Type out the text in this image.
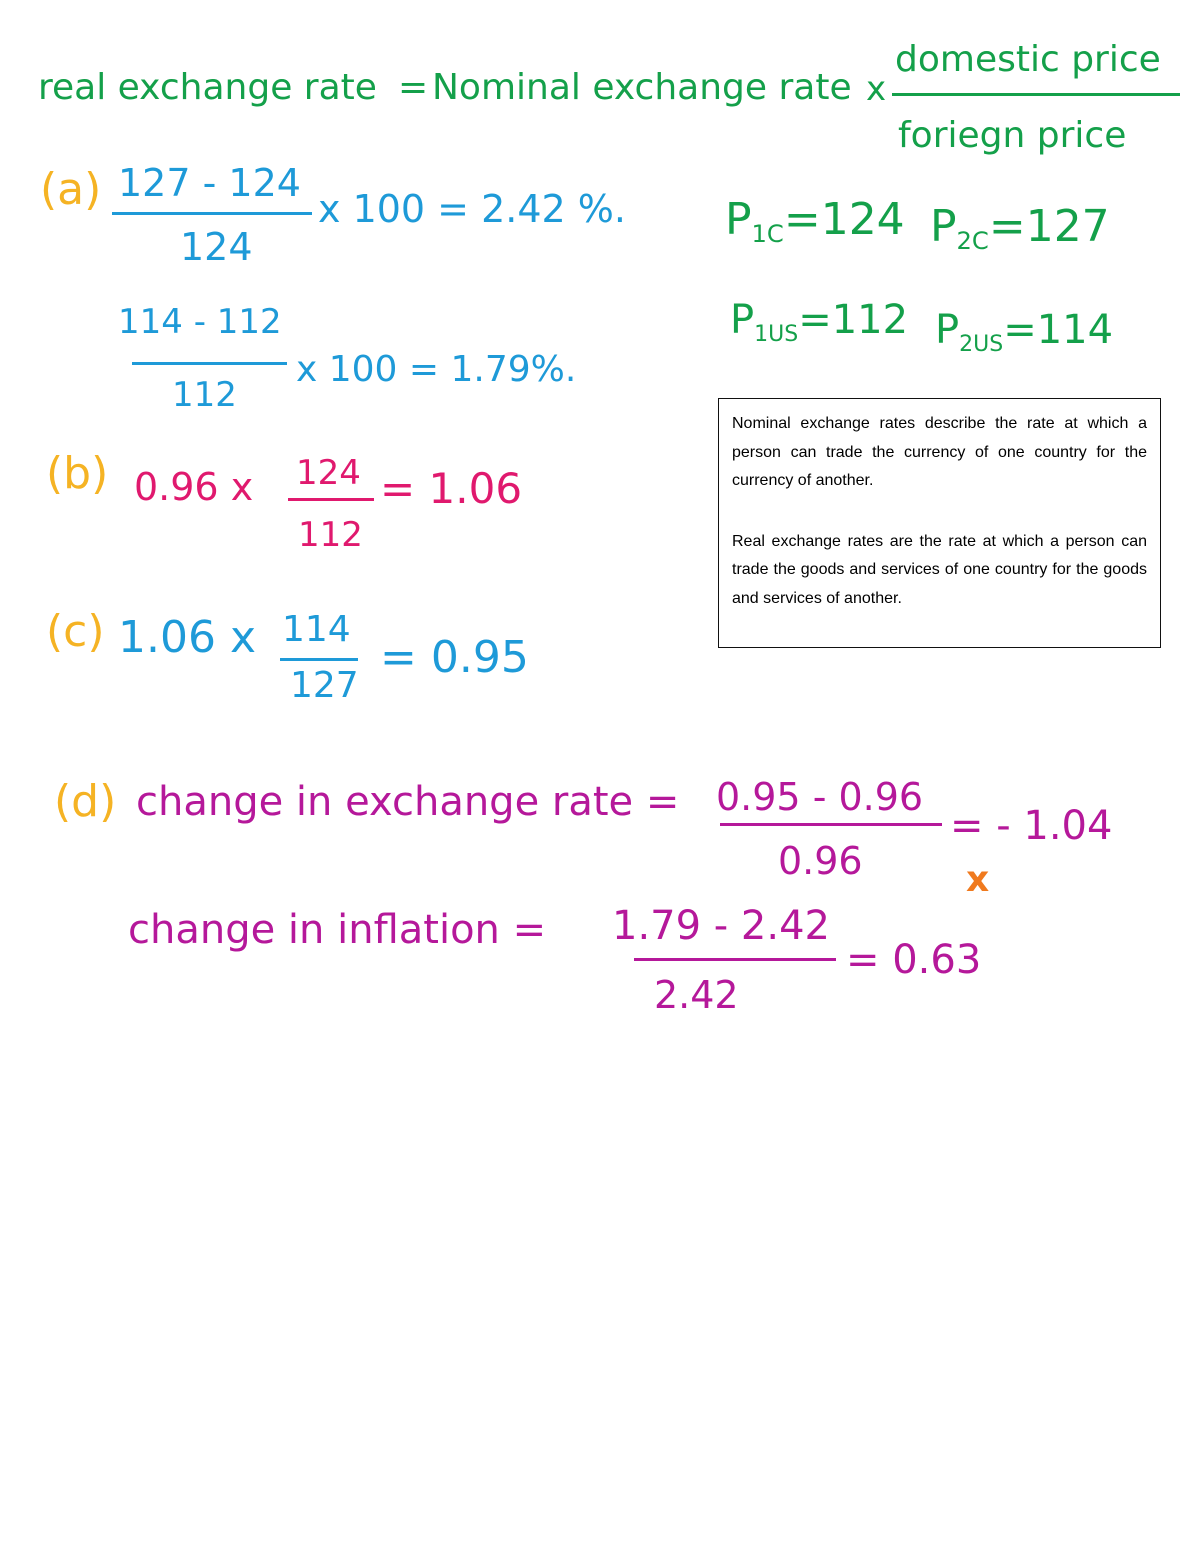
real exchange rate = Nominal exchange rate x
domestic price
foriegn price
P1C=124 P2C=127
P1US=112 P2US=114
(a) 127 - 124
124
x 100 = 2.42 %.
114 - 112
112
x 100 = 1.79%.
(b) 0.96 x 124
112
= 1.06
(c) 1.06 x 114
127
= 0.95
(d) change in exchange rate = 0.95 - 0.96
0.96
= - 1.04
x
change in inflation = 1.79 - 2.42
2.42
= 0.63

Nominal exchange rates describe the rate at which a person can trade the currency of one country for the currency of another.

Real exchange rates are the rate at which a person can trade the goods and services of one country for the goods and services of another.
